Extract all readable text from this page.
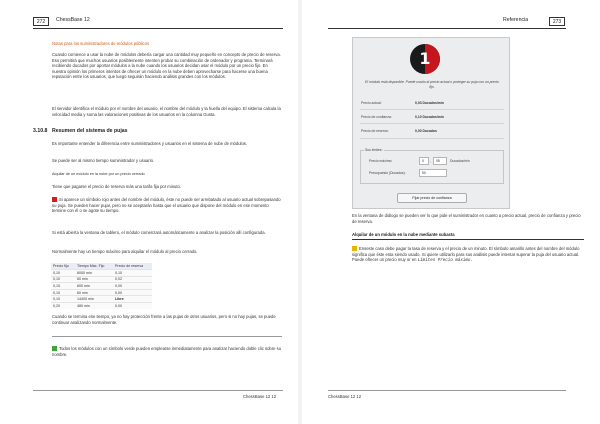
272	ChessBase 12
Notas para los suministradores de módulos públicos
Cuando comience a usar la nube de módulos debería cargar una cantidad muy pequeño en concepto de precio de reserva. Eso permitirá que muchos usuarios posiblemente intenten probar su combinación de ordenador y programa. Terminará recibiendo ducados por aportar módulos a la nube cuando los usuarios decidan usar el módulo por un precio fijo. En nuestra opinión los primeros intentos de ofrecer un módulo en la nube deben aprovecharse para hacerse una buena reputación entre los usuarios, que luego seguirán haciendo análisis grandes con los módulos.
El servidor identifica el módulo por el nombre del usuario, el nombre del módulo y la huella del equipo. El sistema calcula la velocidad media y suma las valoraciones positivas de los usuarios en la columna Gusta.
3.10.8 Resumen del sistema de pujas
Es importante entender la diferencia entre suministradores y usuarios en el sistema de nube de módulos.
Se puede ser al mismo tiempo suministrador y usuario.
Alquilar de un módulo en la nube por un precio cerrado
Tiene que pagarse el precio de reserva más una tarifa fija por minuto.
Si aparece un símbolo rojo antes del nombre del módulo, éste no puede ser arrebatado al usuario actual sobrepasando su puja. Se pueden hacer pujar, pero no se aceptarán hasta que el usuario que dispone del módulo en ese momento termine con él o se agote su tiempo.
Si está abierta la ventana de tablero, el módulo comenzará automáticamente a analizar la posición allí configurada.
Normalmente hay un tiempo máximo para alquilar el módulo al precio cerrado.
Precio fijo	Tiempo Máx. Fijo	Precio de reserva
0,10	6000 min	0,10
0,10	60 min	0,02
0,10	600 min	0,00
0,10	60 min	0,00
0,10	14400 min	Libre
0,20	480 min	0,00
Cuando se termina ese tiempo, ya no hay protección frente a las pujas de otros usuarios, pero si no hay pujas, se puede continuar analizando normalmente.
Todos los módulos con un símbolo verde pueden emplearse inmediatamente para analizar haciendo doble clic sobre su nombre.
ChessBase 12 12
Referencia	273
ChessBase 12 12
1
El módulo está disponible. Puede usarlo al precio actual o proteger su puja con un precio fijo.
Precio actual:	0,03 Ducados/min
Precio de confianza:	0,10 Ducados/min
Precio de reserva:	0,00 Ducados
Sus límites:
Precio máximo:	0	,	05	Ducados/min
Presupuesto (Ducados):	50
Fijar precio de confianza
En la ventana de diálogo se pueden ver lo que pide el suministrador en cuanto a precio actual, precio de confianza y precio de reserva.
Alquilar de un módulo en la nube mediante subasta
Enseste caso debe pagar la tasa de reserva y el precio de un minuto. El símbolo amarillo antes del nombre del módulo significa que éste esta siendo usado. Si quiere utilizarlo para sus análisis puede intentar superar la puja del usuario actual. Puede ofrecer un precio muy or en Límites Precio máximo.
